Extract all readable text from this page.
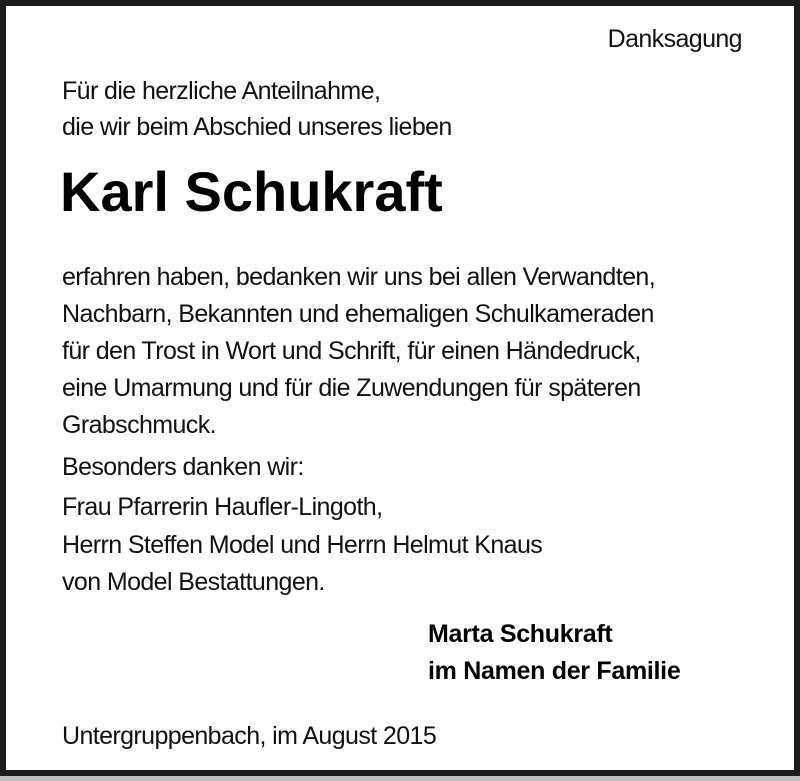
Danksagung
Für die herzliche Anteilnahme,
die wir beim Abschied unseres lieben
Karl Schukraft
erfahren haben, bedanken wir uns bei allen Verwandten,
Nachbarn, Bekannten und ehemaligen Schulkameraden
für den Trost in Wort und Schrift, für einen Händedruck,
eine Umarmung und für die Zuwendungen für späteren
Grabschmuck.
Besonders danken wir:
Frau Pfarrerin Haufler-Lingoth,
Herrn Steffen Model und Herrn Helmut Knaus
von Model Bestattungen.
Marta Schukraft
im Namen der Familie
Untergruppenbach, im August 2015
